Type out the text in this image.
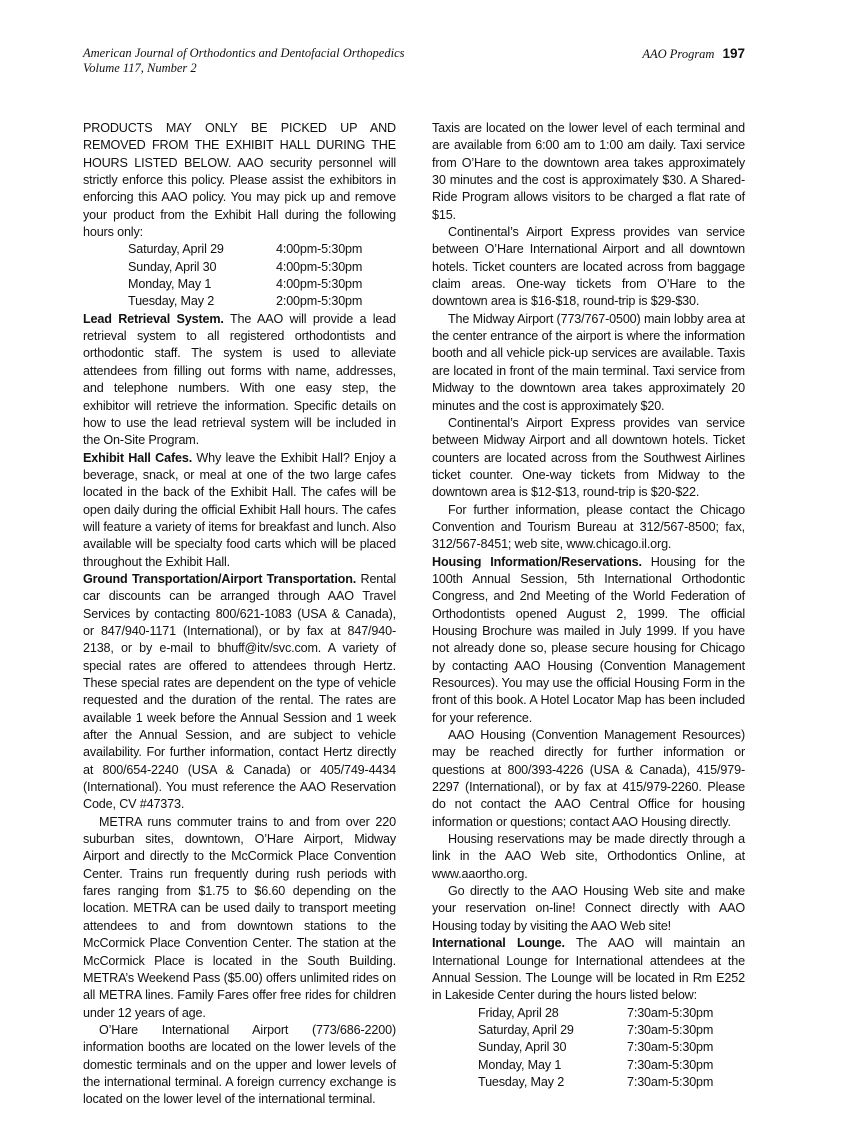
American Journal of Orthodontics and Dentofacial Orthopedics
Volume 117, Number 2
AAO Program 197

PRODUCTS MAY ONLY BE PICKED UP AND REMOVED FROM THE EXHIBIT HALL DURING THE HOURS LISTED BELOW. AAO security personnel will strictly enforce this policy. Please assist the exhibitors in enforcing this AAO policy. You may pick up and remove your product from the Exhibit Hall during the following hours only:

Saturday, April 29	4:00pm-5:30pm
Sunday, April 30	4:00pm-5:30pm
Monday, May 1	4:00pm-5:30pm
Tuesday, May 2	2:00pm-5:30pm

Lead Retrieval System. The AAO will provide a lead retrieval system to all registered orthodontists and orthodontic staff. The system is used to alleviate attendees from filling out forms with name, addresses, and telephone numbers. With one easy step, the exhibitor will retrieve the information. Specific details on how to use the lead retrieval system will be included in the On-Site Program.

Exhibit Hall Cafes. Why leave the Exhibit Hall? Enjoy a beverage, snack, or meal at one of the two large cafes located in the back of the Exhibit Hall. The cafes will be open daily during the official Exhibit Hall hours. The cafes will feature a variety of items for breakfast and lunch. Also available will be specialty food carts which will be placed throughout the Exhibit Hall.

Ground Transportation/Airport Transportation. Rental car discounts can be arranged through AAO Travel Services by contacting 800/621-1083 (USA & Canada), or 847/940-1171 (International), or by fax at 847/940-2138, or by e-mail to bhuff@itv/svc.com. A variety of special rates are offered to attendees through Hertz. These special rates are dependent on the type of vehicle requested and the duration of the rental. The rates are available 1 week before the Annual Session and 1 week after the Annual Session, and are subject to vehicle availability. For further information, contact Hertz directly at 800/654-2240 (USA & Canada) or 405/749-4434 (International). You must reference the AAO Reservation Code, CV #47373.

METRA runs commuter trains to and from over 220 suburban sites, downtown, O’Hare Airport, Midway Airport and directly to the McCormick Place Convention Center. Trains run frequently during rush periods with fares ranging from $1.75 to $6.60 depending on the location. METRA can be used daily to transport meeting attendees to and from downtown stations to the McCormick Place Convention Center. The station at the McCormick Place is located in the South Building. METRA’s Weekend Pass ($5.00) offers unlimited rides on all METRA lines. Family Fares offer free rides for children under 12 years of age.

O’Hare International Airport (773/686-2200) information booths are located on the lower levels of the domestic terminals and on the upper and lower levels of the international terminal. A foreign currency exchange is located on the lower level of the international terminal.

Taxis are located on the lower level of each terminal and are available from 6:00 am to 1:00 am daily. Taxi service from O’Hare to the downtown area takes approximately 30 minutes and the cost is approximately $30. A Shared-Ride Program allows visitors to be charged a flat rate of $15.

Continental’s Airport Express provides van service between O’Hare International Airport and all downtown hotels. Ticket counters are located across from baggage claim areas. One-way tickets from O’Hare to the downtown area is $16-$18, round-trip is $29-$30.

The Midway Airport (773/767-0500) main lobby area at the center entrance of the airport is where the information booth and all vehicle pick-up services are available. Taxis are located in front of the main terminal. Taxi service from Midway to the downtown area takes approximately 20 minutes and the cost is approximately $20.

Continental’s Airport Express provides van service between Midway Airport and all downtown hotels. Ticket counters are located across from the Southwest Airlines ticket counter. One-way tickets from Midway to the downtown area is $12-$13, round-trip is $20-$22.

For further information, please contact the Chicago Convention and Tourism Bureau at 312/567-8500; fax, 312/567-8451; web site, www.chicago.il.org.

Housing Information/Reservations. Housing for the 100th Annual Session, 5th International Orthodontic Congress, and 2nd Meeting of the World Federation of Orthodontists opened August 2, 1999. The official Housing Brochure was mailed in July 1999. If you have not already done so, please secure housing for Chicago by contacting AAO Housing (Convention Management Resources). You may use the official Housing Form in the front of this book. A Hotel Locator Map has been included for your reference.

AAO Housing (Convention Management Resources) may be reached directly for further information or questions at 800/393-4226 (USA & Canada), 415/979-2297 (International), or by fax at 415/979-2260. Please do not contact the AAO Central Office for housing information or questions; contact AAO Housing directly.

Housing reservations may be made directly through a link in the AAO Web site, Orthodontics Online, at www.aaortho.org.

Go directly to the AAO Housing Web site and make your reservation on-line! Connect directly with AAO Housing today by visiting the AAO Web site!

International Lounge. The AAO will maintain an International Lounge for International attendees at the Annual Session. The Lounge will be located in Rm E252 in Lakeside Center during the hours listed below:

Friday, April 28	7:30am-5:30pm
Saturday, April 29	7:30am-5:30pm
Sunday, April 30	7:30am-5:30pm
Monday, May 1	7:30am-5:30pm
Tuesday, May 2	7:30am-5:30pm
